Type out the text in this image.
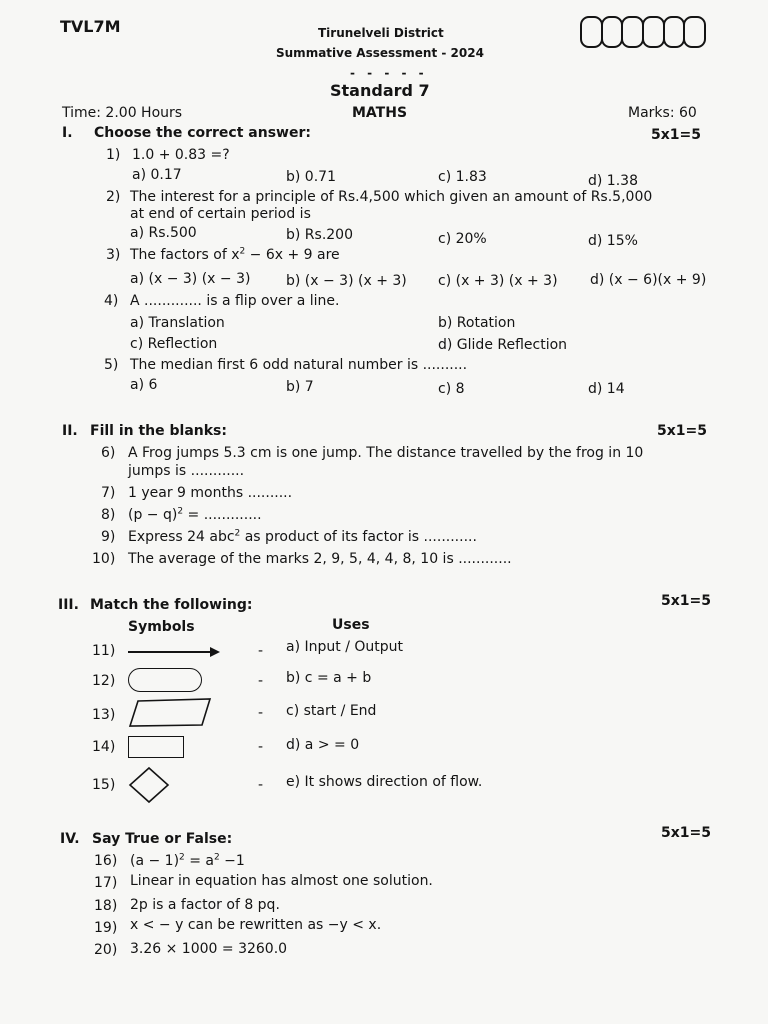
TVL7M	Tirunelveli District
Summative Assessment - 2024
- - - - -
Standard 7
MATHS
Time: 2.00 Hours	Marks: 60
I. Choose the correct answer:	5x1=5
1) 1.0 + 0.83 =?
a) 0.17	b) 0.71	c) 1.83	d) 1.38
2) The interest for a principle of Rs.4,500 which given an amount of Rs.5,000
at end of certain period is
a) Rs.500	b) Rs.200	c) 20%	d) 15%
3) The factors of $x^2 - 6x + 9$ are
a) (x − 3) (x − 3)	b) (x − 3) (x + 3) c) (x + 3) (x + 3) d) (x − 6)(x + 9)
4) A ............. is a flip over a line.
a) Translation	b) Rotation
c) Reflection	d) Glide Reflection
5) The median first 6 odd natural number is ..........
a) 6	b) 7	c) 8	d) 14
II. Fill in the blanks:	5x1=5
6) A Frog jumps 5.3 cm is one jump. The distance travelled by the frog in 10
jumps is ............
7) 1 year 9 months ..........
8) $(p - q)^2$ = .............
9) Express 24 abc$^2$ as product of its factor is ............
10) The average of the marks 2, 9, 5, 4, 4, 8, 10 is ............
III. Match the following:	5x1=5
Symbols	Uses
11)	- a) Input / Output
12)	- b) c = a + b
13)	- c) start / End
14)	- d) a > = 0
15)	- e) It shows direction of flow.
IV. Say True or False:	5x1=5
16) $(a - 1)^2 = a^2 -1$
17) Linear in equation has almost one solution.
18) 2p is a factor of 8 pq.
19) x < − y can be rewritten as −y < x.
20) 3.26 × 1000 = 3260.0
